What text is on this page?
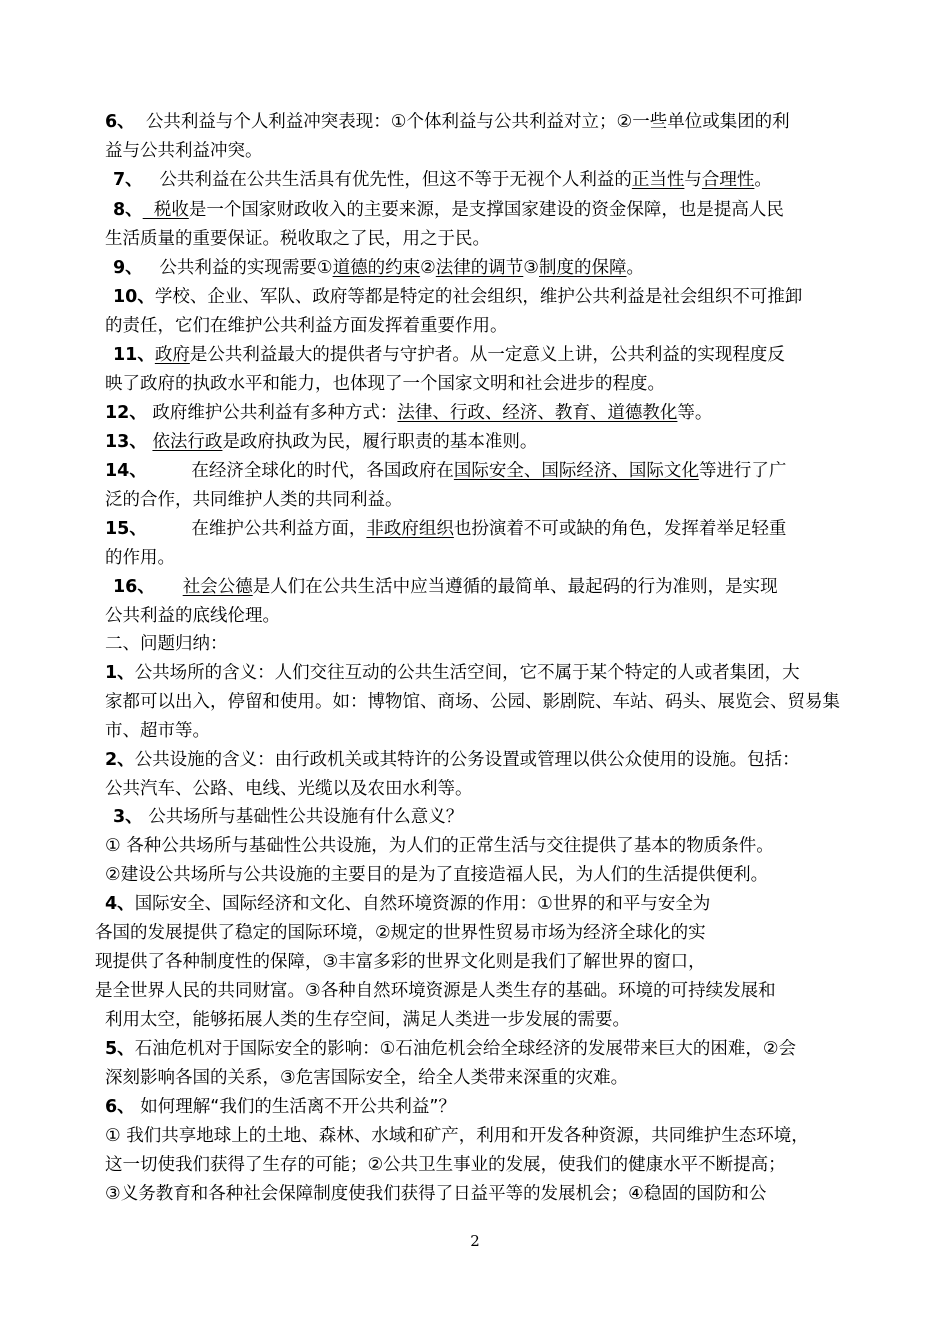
6、  公共利益与个人利益冲突表现：①个体利益与公共利益对立；②一些单位或集团的利
益与公共利益冲突。
7、   公共利益在公共生活具有优先性，但这不等于无视个人利益的正当性与合理性。
8、  税收是一个国家财政收入的主要来源，是支撑国家建设的资金保障，也是提高人民
生活质量的重要保证。税收取之了民，用之于民。
9、   公共利益的实现需要①道德的约束②法律的调节③制度的保障。
10、学校、企业、军队、政府等都是特定的社会组织，维护公共利益是社会组织不可推卸
的责任，它们在维护公共利益方面发挥着重要作用。
11、政府是公共利益最大的提供者与守护者。从一定意义上讲，公共利益的实现程度反
映了政府的执政水平和能力，也体现了一个国家文明和社会进步的程度。
12、 政府维护公共利益有多种方式：法律、行政、经济、教育、道德教化等。
13、 依法行政是政府执政为民，履行职责的基本准则。
14、        在经济全球化的时代，各国政府在国际安全、国际经济、国际文化等进行了广
泛的合作，共同维护人类的共同利益。
15、        在维护公共利益方面，非政府组织也扮演着不可或缺的角色，发挥着举足轻重
的作用。
16、 社会公德是人们在公共生活中应当遵循的最简单、最起码的行为准则，是实现
公共利益的底线伦理。
二、问题归纳：
1、公共场所的含义：人们交往互动的公共生活空间，它不属于某个特定的人或者集团，大
家都可以出入，停留和使用。如：博物馆、商场、公园、影剧院、车站、码头、展览会、贸易集
市、超市等。
2、公共设施的含义：由行政机关或其特许的公务设置或管理以供公众使用的设施。包括：
公共汽车、公路、电线、光缆以及农田水利等。
3、 公共场所与基础性公共设施有什么意义？
① 各种公共场所与基础性公共设施，为人们的正常生活与交往提供了基本的物质条件。
②建设公共场所与公共设施的主要目的是为了直接造福人民，为人们的生活提供便利。
4、国际安全、国际经济和文化、自然环境资源的作用：①世界的和平与安全为
各国的发展提供了稳定的国际环境，②规定的世界性贸易市场为经济全球化的实
现提供了各种制度性的保障，③丰富多彩的世界文化则是我们了解世界的窗口，
是全世界人民的共同财富。③各种自然环境资源是人类生存的基础。环境的可持续发展和
利用太空，能够拓展人类的生存空间，满足人类进一步发展的需要。
5、石油危机对于国际安全的影响：①石油危机会给全球经济的发展带来巨大的困难，②会
深刻影响各国的关系，③危害国际安全，给全人类带来深重的灾难。
6、 如何理解“我们的生活离不开公共利益”？
① 我们共享地球上的土地、森林、水域和矿产，利用和开发各种资源，共同维护生态环境，
这一切使我们获得了生存的可能；②公共卫生事业的发展，使我们的健康水平不断提高；
③义务教育和各种社会保障制度使我们获得了日益平等的发展机会；④稳固的国防和公
2
